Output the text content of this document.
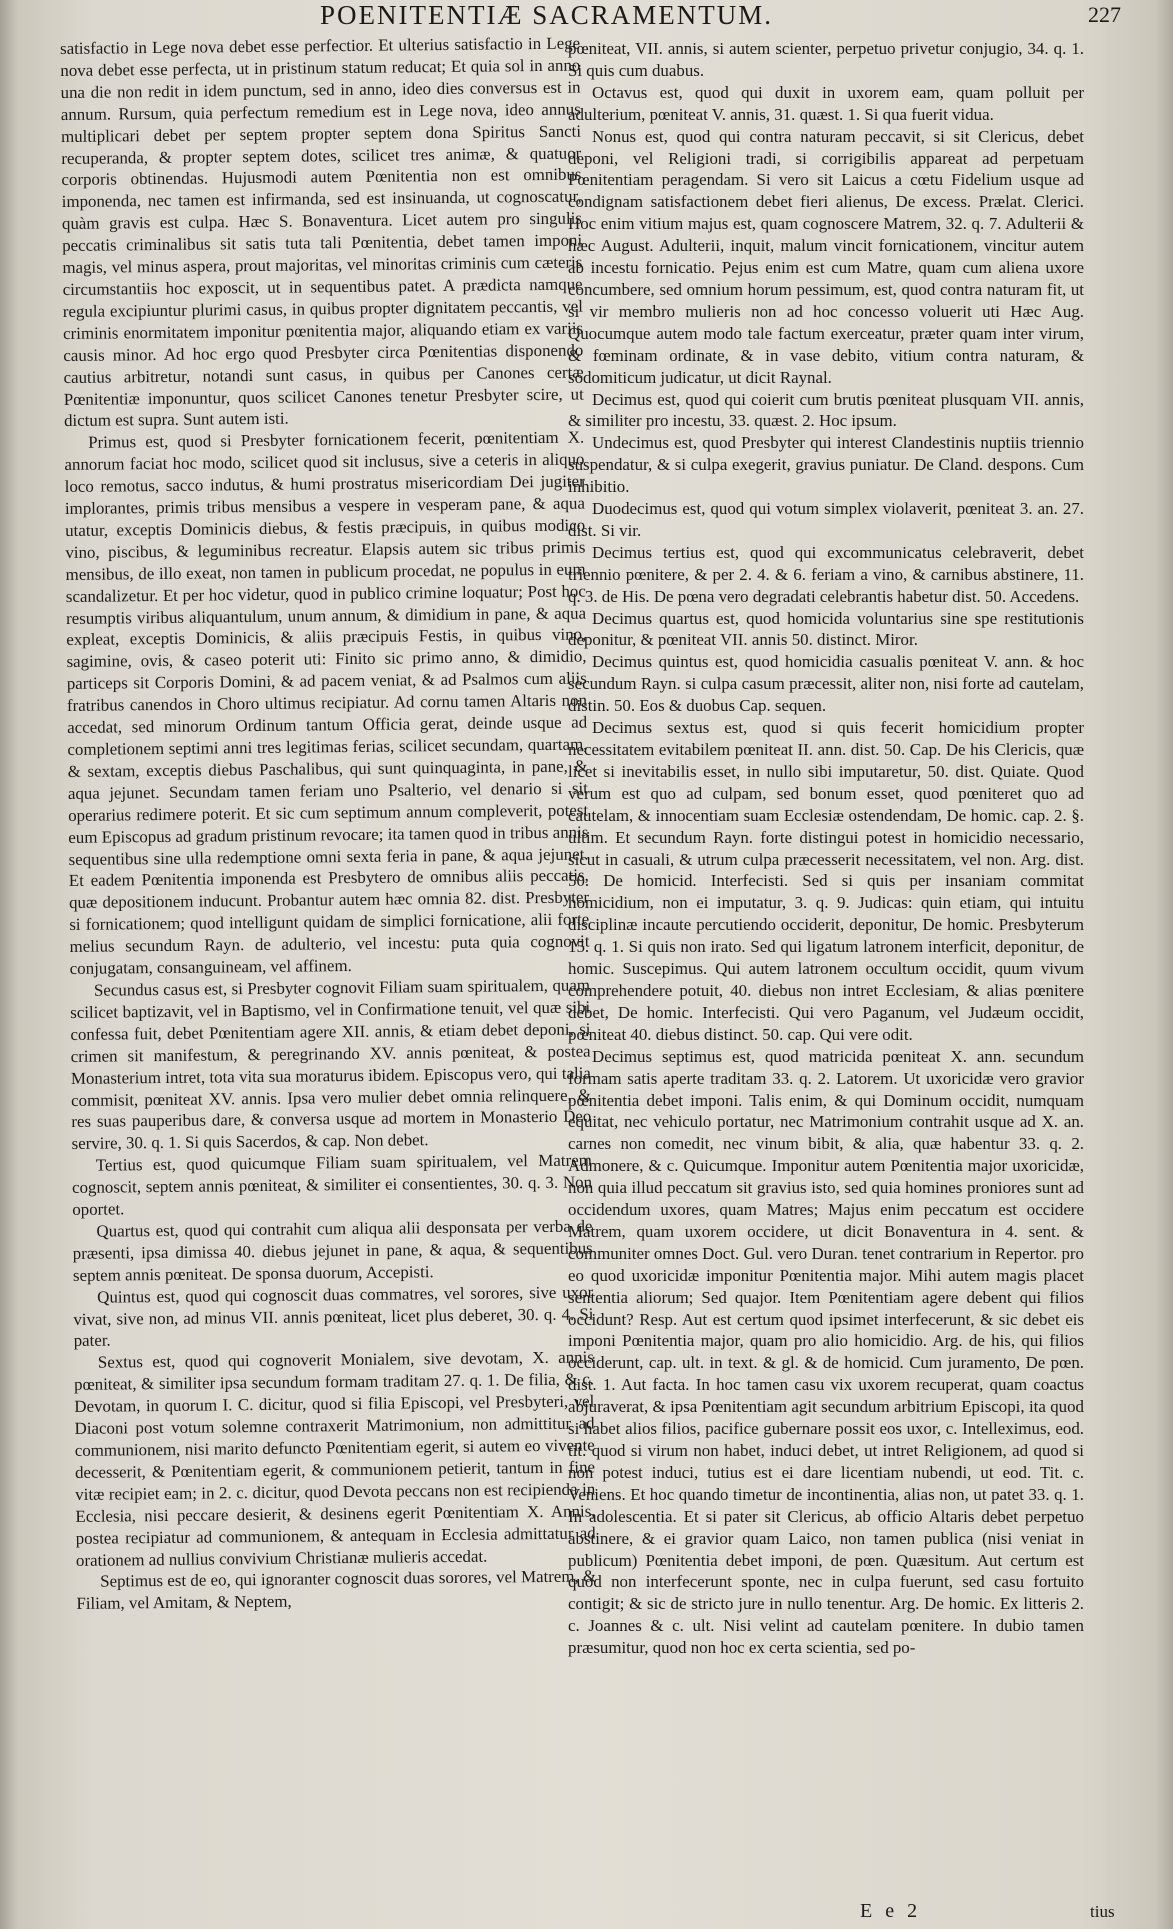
POENITENTIÆ SACRAMENTUM.	227

satisfactio in Lege nova debet esse perfectior. Et ulterius satisfactio in Lege nova debet esse perfecta, ut in pristinum statum reducat; Et quia sol in anno una die non redit in idem punctum, sed in anno, ideo dies conversus est in annum. Rursum, quia perfectum remedium est in Lege nova, ideo annus multiplicari debet per septem propter septem dona Spiritus Sancti recuperanda, & propter septem dotes, scilicet tres animæ, & quatuor corporis obtinendas. Hujusmodi autem Pœnitentia non est omnibus imponenda, nec tamen est infirmanda, sed est insinuanda, ut cognoscatur, quàm gravis est culpa. Hæc S. Bonaventura. Licet autem pro singulis peccatis criminalibus sit satis tuta tali Pœnitentia, debet tamen imponi magis, vel minus aspera, prout majoritas, vel minoritas criminis cum cæteris circumstantiis hoc exposcit, ut in sequentibus patet. A prædicta namque regula excipiuntur plurimi casus, in quibus propter dignitatem peccantis, vel criminis enormitatem imponitur pœnitentia major, aliquando etiam ex variis causis minor. Ad hoc ergo quod Presbyter circa Pœnitentias disponendo cautius arbitretur, notandi sunt casus, in quibus per Canones certæ Pœnitentiæ imponuntur, quos scilicet Canones tenetur Presbyter scire, ut dictum est supra. Sunt autem isti.

Primus est, quod si Presbyter fornicationem fecerit, pœnitentiam X. annorum faciat hoc modo, scilicet quod sit inclusus, sive a ceteris in aliquo loco remotus, sacco indutus, & humi prostratus misericordiam Dei jugiter implorantes, primis tribus mensibus a vespere in vesperam pane, & aqua utatur, exceptis Dominicis diebus, & festis præcipuis, in quibus modico vino, piscibus, & leguminibus recreatur. Elapsis autem sic tribus primis mensibus, de illo exeat, non tamen in publicum procedat, ne populus in eum scandalizetur. Et per hoc videtur, quod in publico crimine loquatur; Post hoc resumptis viribus aliquantulum, unum annum, & dimidium in pane, & aqua expleat, exceptis Dominicis, & aliis præcipuis Festis, in quibus vino, sagimine, ovis, & caseo poterit uti: Finito sic primo anno, & dimidio, particeps sit Corporis Domini, & ad pacem veniat, & ad Psalmos cum aliis fratribus canendos in Choro ultimus recipiatur. Ad cornu tamen Altaris non accedat, sed minorum Ordinum tantum Officia gerat, deinde usque ad completionem septimi anni tres legitimas ferias, scilicet secundam, quartam, & sextam, exceptis diebus Paschalibus, qui sunt quinquaginta, in pane, & aqua jejunet. Secundam tamen feriam uno Psalterio, vel denario si sit operarius redimere poterit. Et sic cum septimum annum compleverit, potest eum Episcopus ad gradum pristinum revocare; ita tamen quod in tribus annis sequentibus sine ulla redemptione omni sexta feria in pane, & aqua jejunet. Et eadem Pœnitentia imponenda est Presbytero de omnibus aliis peccatis, quæ depositionem inducunt. Probantur autem hæc omnia 82. dist. Presbyter si fornicationem; quod intelligunt quidam de simplici fornicatione, alii forte melius secundum Rayn. de adulterio, vel incestu: puta quia cognovit conjugatam, consanguineam, vel affinem.

Secundus casus est, si Presbyter cognovit Filiam suam spiritualem, quam scilicet baptizavit, vel in Baptismo, vel in Confirmatione tenuit, vel quæ sibi confessa fuit, debet Pœnitentiam agere XII. annis, & etiam debet deponi, si crimen sit manifestum, & peregrinando XV. annis pœniteat, & postea Monasterium intret, tota vita sua moraturus ibidem. Episcopus vero, qui talia commisit, pœniteat XV. annis. Ipsa vero mulier debet omnia relinquere, & res suas pauperibus dare, & conversa usque ad mortem in Monasterio Deo servire, 30. q. 1. Si quis Sacerdos, & cap. Non debet.

Tertius est, quod quicumque Filiam suam spiritualem, vel Matrem cognoscit, septem annis pœniteat, & similiter ei consentientes, 30. q. 3. Non oportet.

Quartus est, quod qui contrahit cum aliqua alii desponsata per verba de præsenti, ipsa dimissa 40. diebus jejunet in pane, & aqua, & sequentibus septem annis pœniteat. De sponsa duorum, Accepisti.

Quintus est, quod qui cognoscit duas commatres, vel sorores, sive uxor vivat, sive non, ad minus VII. annis pœniteat, licet plus deberet, 30. q. 4. Si pater.

Sextus est, quod qui cognoverit Monialem, sive devotam, X. annis pœniteat, & similiter ipsa secundum formam traditam 27. q. 1. De filia, & c. Devotam, in quorum I. C. dicitur, quod si filia Episcopi, vel Presbyteri, vel Diaconi post votum solemne contraxerit Matrimonium, non admittitur ad communionem, nisi marito defuncto Pœnitentiam egerit, si autem eo vivente decesserit, & Pœnitentiam egerit, & communionem petierit, tantum in fine vitæ recipiet eam; in 2. c. dicitur, quod Devota peccans non est recipienda in Ecclesia, nisi peccare desierit, & desinens egerit Pœnitentiam X. Annis, postea recipiatur ad communionem, & antequam in Ecclesia admittatur ad orationem ad nullius convivium Christianæ mulieris accedat.

Septimus est de eo, qui ignoranter cognoscit duas sorores, vel Matrem, & Filiam, vel Amitam, & Neptem,

pœniteat, VII. annis, si autem scienter, perpetuo privetur conjugio, 34. q. 1. Si quis cum duabus.

Octavus est, quod qui duxit in uxorem eam, quam polluit per adulterium, pœniteat V. annis, 31. quæst. 1. Si qua fuerit vidua.

Nonus est, quod qui contra naturam peccavit, si sit Clericus, debet deponi, vel Religioni tradi, si corrigibilis appareat ad perpetuam Pœnitentiam peragendam. Si vero sit Laicus a cœtu Fidelium usque ad condignam satisfactionem debet fieri alienus, De excess. Prælat. Clerici. Hoc enim vitium majus est, quam cognoscere Matrem, 32. q. 7. Adulterii & hæc August. Adulterii, inquit, malum vincit fornicationem, vincitur autem ab incestu fornicatio. Pejus enim est cum Matre, quam cum aliena uxore concumbere, sed omnium horum pessimum, est, quod contra naturam fit, ut si vir membro mulieris non ad hoc concesso voluerit uti Hæc Aug. Quocumque autem modo tale factum exerceatur, præter quam inter virum, & fœminam ordinate, & in vase debito, vitium contra naturam, & sodomiticum judicatur, ut dicit Raynal.

Decimus est, quod qui coierit cum brutis pœniteat plusquam VII. annis, & similiter pro incestu, 33. quæst. 2. Hoc ipsum.

Undecimus est, quod Presbyter qui interest Clandestinis nuptiis triennio suspendatur, & si culpa exegerit, gravius puniatur. De Cland. despons. Cum inhibitio.

Duodecimus est, quod qui votum simplex violaverit, pœniteat 3. an. 27. dist. Si vir.

Decimus tertius est, quod qui excommunicatus celebraverit, debet triennio pœnitere, & per 2. 4. & 6. feriam a vino, & carnibus abstinere, 11. q. 3. de His. De pœna vero degradati celebrantis habetur dist. 50. Accedens.

Decimus quartus est, quod homicida voluntarius sine spe restitutionis deponitur, & pœniteat VII. annis 50. distinct. Miror.

Decimus quintus est, quod homicidia casualis pœniteat V. ann. & hoc secundum Rayn. si culpa casum præcessit, aliter non, nisi forte ad cautelam, distin. 50. Eos & duobus Cap. sequen.

Decimus sextus est, quod si quis fecerit homicidium propter necessitatem evitabilem pœniteat II. ann. dist. 50. Cap. De his Clericis, quæ licet si inevitabilis esset, in nullo sibi imputaretur, 50. dist. Quiate. Quod verum est quo ad culpam, sed bonum esset, quod pœniteret quo ad cautelam, & innocentiam suam Ecclesiæ ostendendam, De homic. cap. 2. §. ultim. Et secundum Rayn. forte distingui potest in homicidio necessario, sicut in casuali, & utrum culpa præcesserit necessitatem, vel non. Arg. dist. 50. De homicid. Interfecisti. Sed si quis per insaniam commitat homicidium, non ei imputatur, 3. q. 9. Judicas: quin etiam, qui intuitu disciplinæ incaute percutiendo occiderit, deponitur, De homic. Presbyterum 15. q. 1. Si quis non irato. Sed qui ligatum latronem interficit, deponitur, de homic. Suscepimus. Qui autem latronem occultum occidit, quum vivum comprehendere potuit, 40. diebus non intret Ecclesiam, & alias pœnitere debet, De homic. Interfecisti. Qui vero Paganum, vel Judæum occidit, pœniteat 40. diebus distinct. 50. cap. Qui vere odit.

Decimus septimus est, quod matricida pœniteat X. ann. secundum formam satis aperte traditam 33. q. 2. Latorem. Ut uxoricidæ vero gravior pœnitentia debet imponi. Talis enim, & qui Dominum occidit, numquam equitat, nec vehiculo portatur, nec Matrimonium contrahit usque ad X. an. carnes non comedit, nec vinum bibit, & alia, quæ habentur 33. q. 2. Admonere, & c. Quicumque. Imponitur autem Pœnitentia major uxoricidæ, non quia illud peccatum sit gravius isto, sed quia homines proniores sunt ad occidendum uxores, quam Matres; Majus enim peccatum est occidere Matrem, quam uxorem occidere, ut dicit Bonaventura in 4. sent. & communiter omnes Doct. Gul. vero Duran. tenet contrarium in Repertor. pro eo quod uxoricidæ imponitur Pœnitentia major. Mihi autem magis placet sententia aliorum; Sed quajor. Item Pœnitentiam agere debent qui filios occidunt? Resp. Aut est certum quod ipsimet interfecerunt, & sic debet eis imponi Pœnitentia major, quam pro alio homicidio. Arg. de his, qui filios occiderunt, cap. ult. in text. & gl. & de homicid. Cum juramento, De pœn. dist. 1. Aut facta. In hoc tamen casu vix uxorem recuperat, quam coactus abjuraverat, & ipsa Pœnitentiam agit secundum arbitrium Episcopi, ita quod si habet alios filios, pacifice gubernare possit eos uxor, c. Intelleximus, eod. tit. quod si virum non habet, induci debet, ut intret Religionem, ad quod si non potest induci, tutius est ei dare licentiam nubendi, ut eod. Tit. c. Veniens. Et hoc quando timetur de incontinentia, alias non, ut patet 33. q. 1. In adolescentia. Et si pater sit Clericus, ab officio Altaris debet perpetuo abstinere, & ei gravior quam Laico, non tamen publica (nisi veniat in publicum) Pœnitentia debet imponi, de pœn. Quæsitum. Aut certum est quod non interfecerunt sponte, nec in culpa fuerunt, sed casu fortuito contigit; & sic de stricto jure in nullo tenentur. Arg. De homic. Ex litteris 2. c. Joannes & c. ult. Nisi velint ad cautelam pœnitere. In dubio tamen præsumitur, quod non hoc ex certa scientia, sed po-

E e 2	tius
